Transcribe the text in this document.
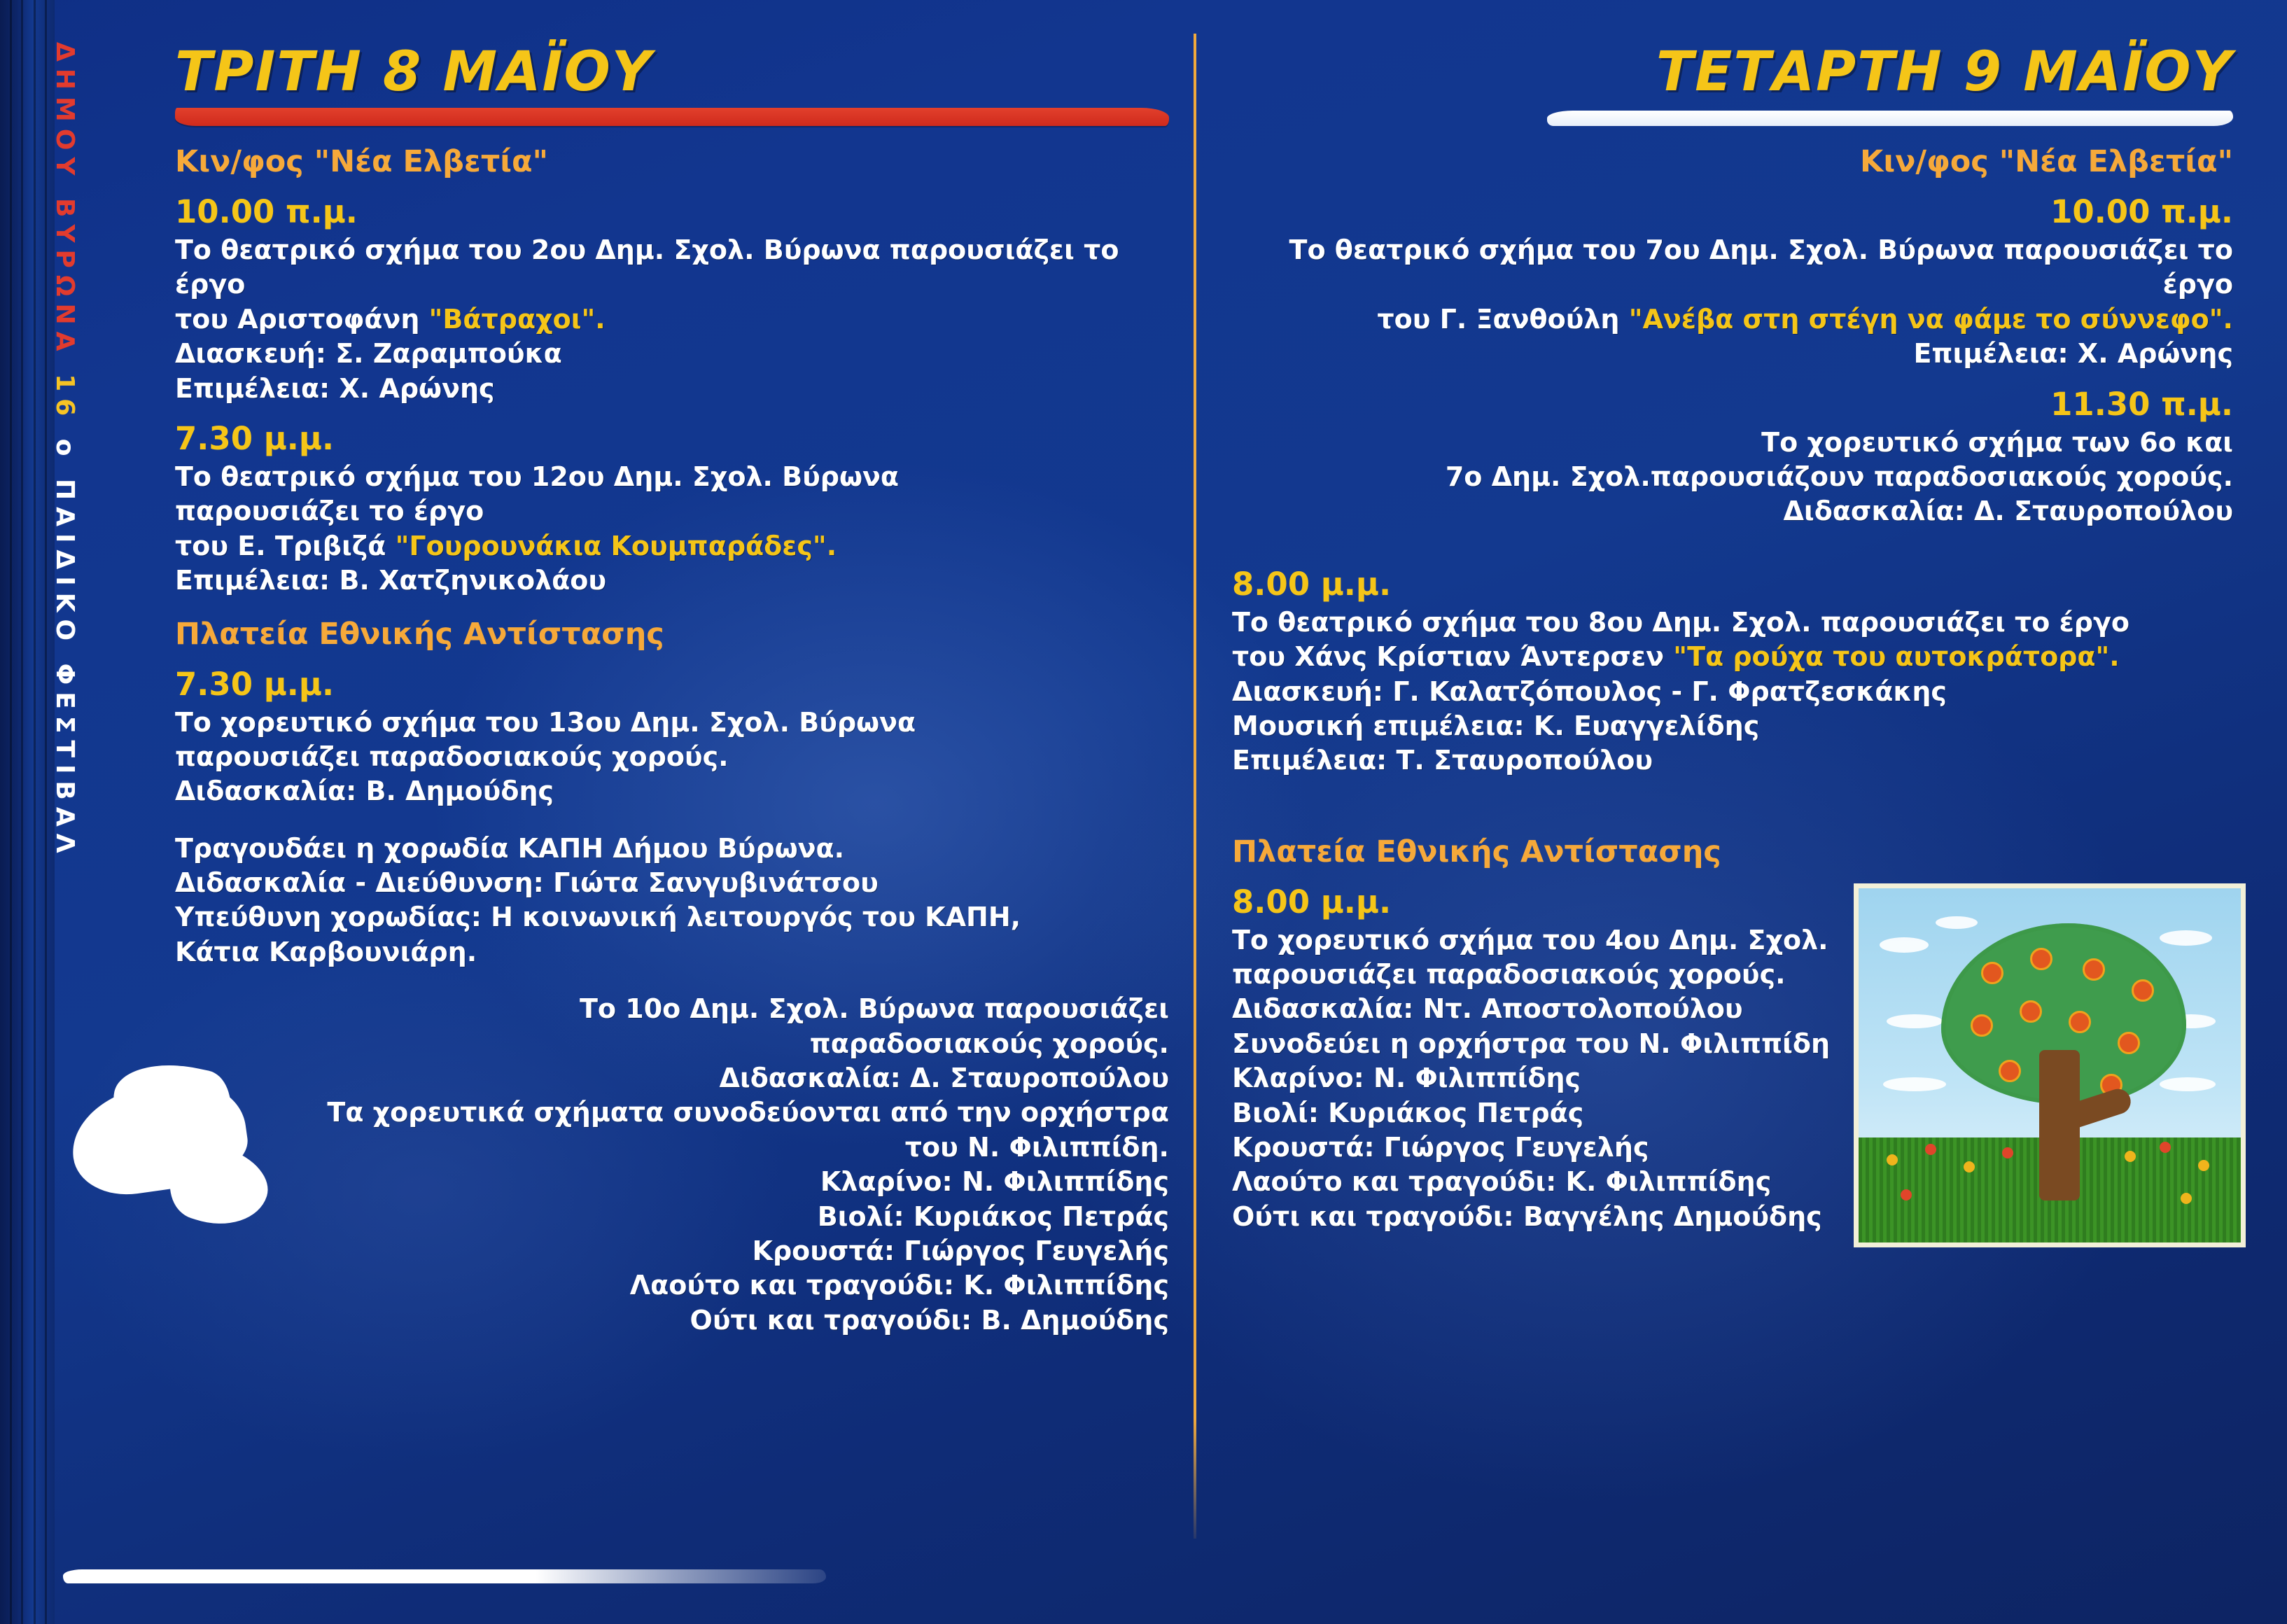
ΔΗΜΟΥ ΒΥΡΩΝΑ 16 ο ΠΑΙΔΙΚΟ ΦΕΣΤΙΒΑΛ
ΤΡΙΤΗ 8 ΜΑΪΟΥ
Κιν/φος "Νέα Ελβετία"
10.00 π.μ.

Το θεατρικό σχήμα του 2ου Δημ. Σχολ. Βύρωνα παρουσιάζει το έργο

του Αριστοφάνη "Βάτραχοι".

Διασκευή: Σ. Ζαραμπούκα

Επιμέλεια: Χ. Αρώνης

7.30 μ.μ.

Το θεατρικό σχήμα του 12ου Δημ. Σχολ. Βύρωνα

παρουσιάζει το έργο

του Ε. Τριβιζά "Γουρουνάκια Κουμπαράδες".

Επιμέλεια: Β. Χατζηνικολάου

Πλατεία Εθνικής Αντίστασης
7.30 μ.μ.

Το χορευτικό σχήμα του 13ου Δημ. Σχολ. Βύρωνα

παρουσιάζει παραδοσιακούς χορούς.

Διδασκαλία: Β. Δημούδης

Τραγουδάει η χορωδία ΚΑΠΗ Δήμου Βύρωνα.

Διδασκαλία - Διεύθυνση: Γιώτα Σανγυβινάτσου

Υπεύθυνη χορωδίας: Η κοινωνική λειτουργός του ΚΑΠΗ,

Κάτια Καρβουνιάρη.

Το 10ο Δημ. Σχολ. Βύρωνα παρουσιάζει

παραδοσιακούς χορούς.

Διδασκαλία: Δ. Σταυροπούλου

Τα χορευτικά σχήματα συνοδεύονται από την ορχήστρα

του Ν. Φιλιππίδη.

Κλαρίνο: Ν. Φιλιππίδης

Βιολί: Κυριάκος Πετράς

Κρουστά: Γιώργος Γευγελής

Λαούτο και τραγούδι: Κ. Φιλιππίδης

Ούτι και τραγούδι: Β. Δημούδης

ΤΕΤΑΡΤΗ 9 ΜΑΪΟΥ
Κιν/φος "Νέα Ελβετία"
10.00 π.μ.

Το θεατρικό σχήμα του 7ου Δημ. Σχολ. Βύρωνα παρουσιάζει το έργο

του Γ. Ξανθούλη "Ανέβα στη στέγη να φάμε το σύννεφο".

Επιμέλεια: Χ. Αρώνης

11.30 π.μ.

Το χορευτικό σχήμα των 6ο και

7ο Δημ. Σχολ.παρουσιάζουν παραδοσιακούς χορούς.

Διδασκαλία: Δ. Σταυροπούλου

8.00 μ.μ.

Το θεατρικό σχήμα του 8ου Δημ. Σχολ. παρουσιάζει το έργο

του Χάνς Κρίστιαν Άντερσεν "Τα ρούχα του αυτοκράτορα".

Διασκευή: Γ. Καλατζόπουλος - Γ. Φρατζεσκάκης

Μουσική επιμέλεια: Κ. Ευαγγελίδης

Επιμέλεια: Τ. Σταυροπούλου

Πλατεία Εθνικής Αντίστασης
8.00 μ.μ.

Το χορευτικό σχήμα του 4ου Δημ. Σχολ.

παρουσιάζει παραδοσιακούς χορούς.

Διδασκαλία: Ντ. Αποστολοπούλου

Συνοδεύει η ορχήστρα του Ν. Φιλιππίδη

Κλαρίνο: Ν. Φιλιππίδης

Βιολί: Κυριάκος Πετράς

Κρουστά: Γιώργος Γευγελής

Λαούτο και τραγούδι: Κ. Φιλιππίδης

Ούτι και τραγούδι: Βαγγέλης Δημούδης
